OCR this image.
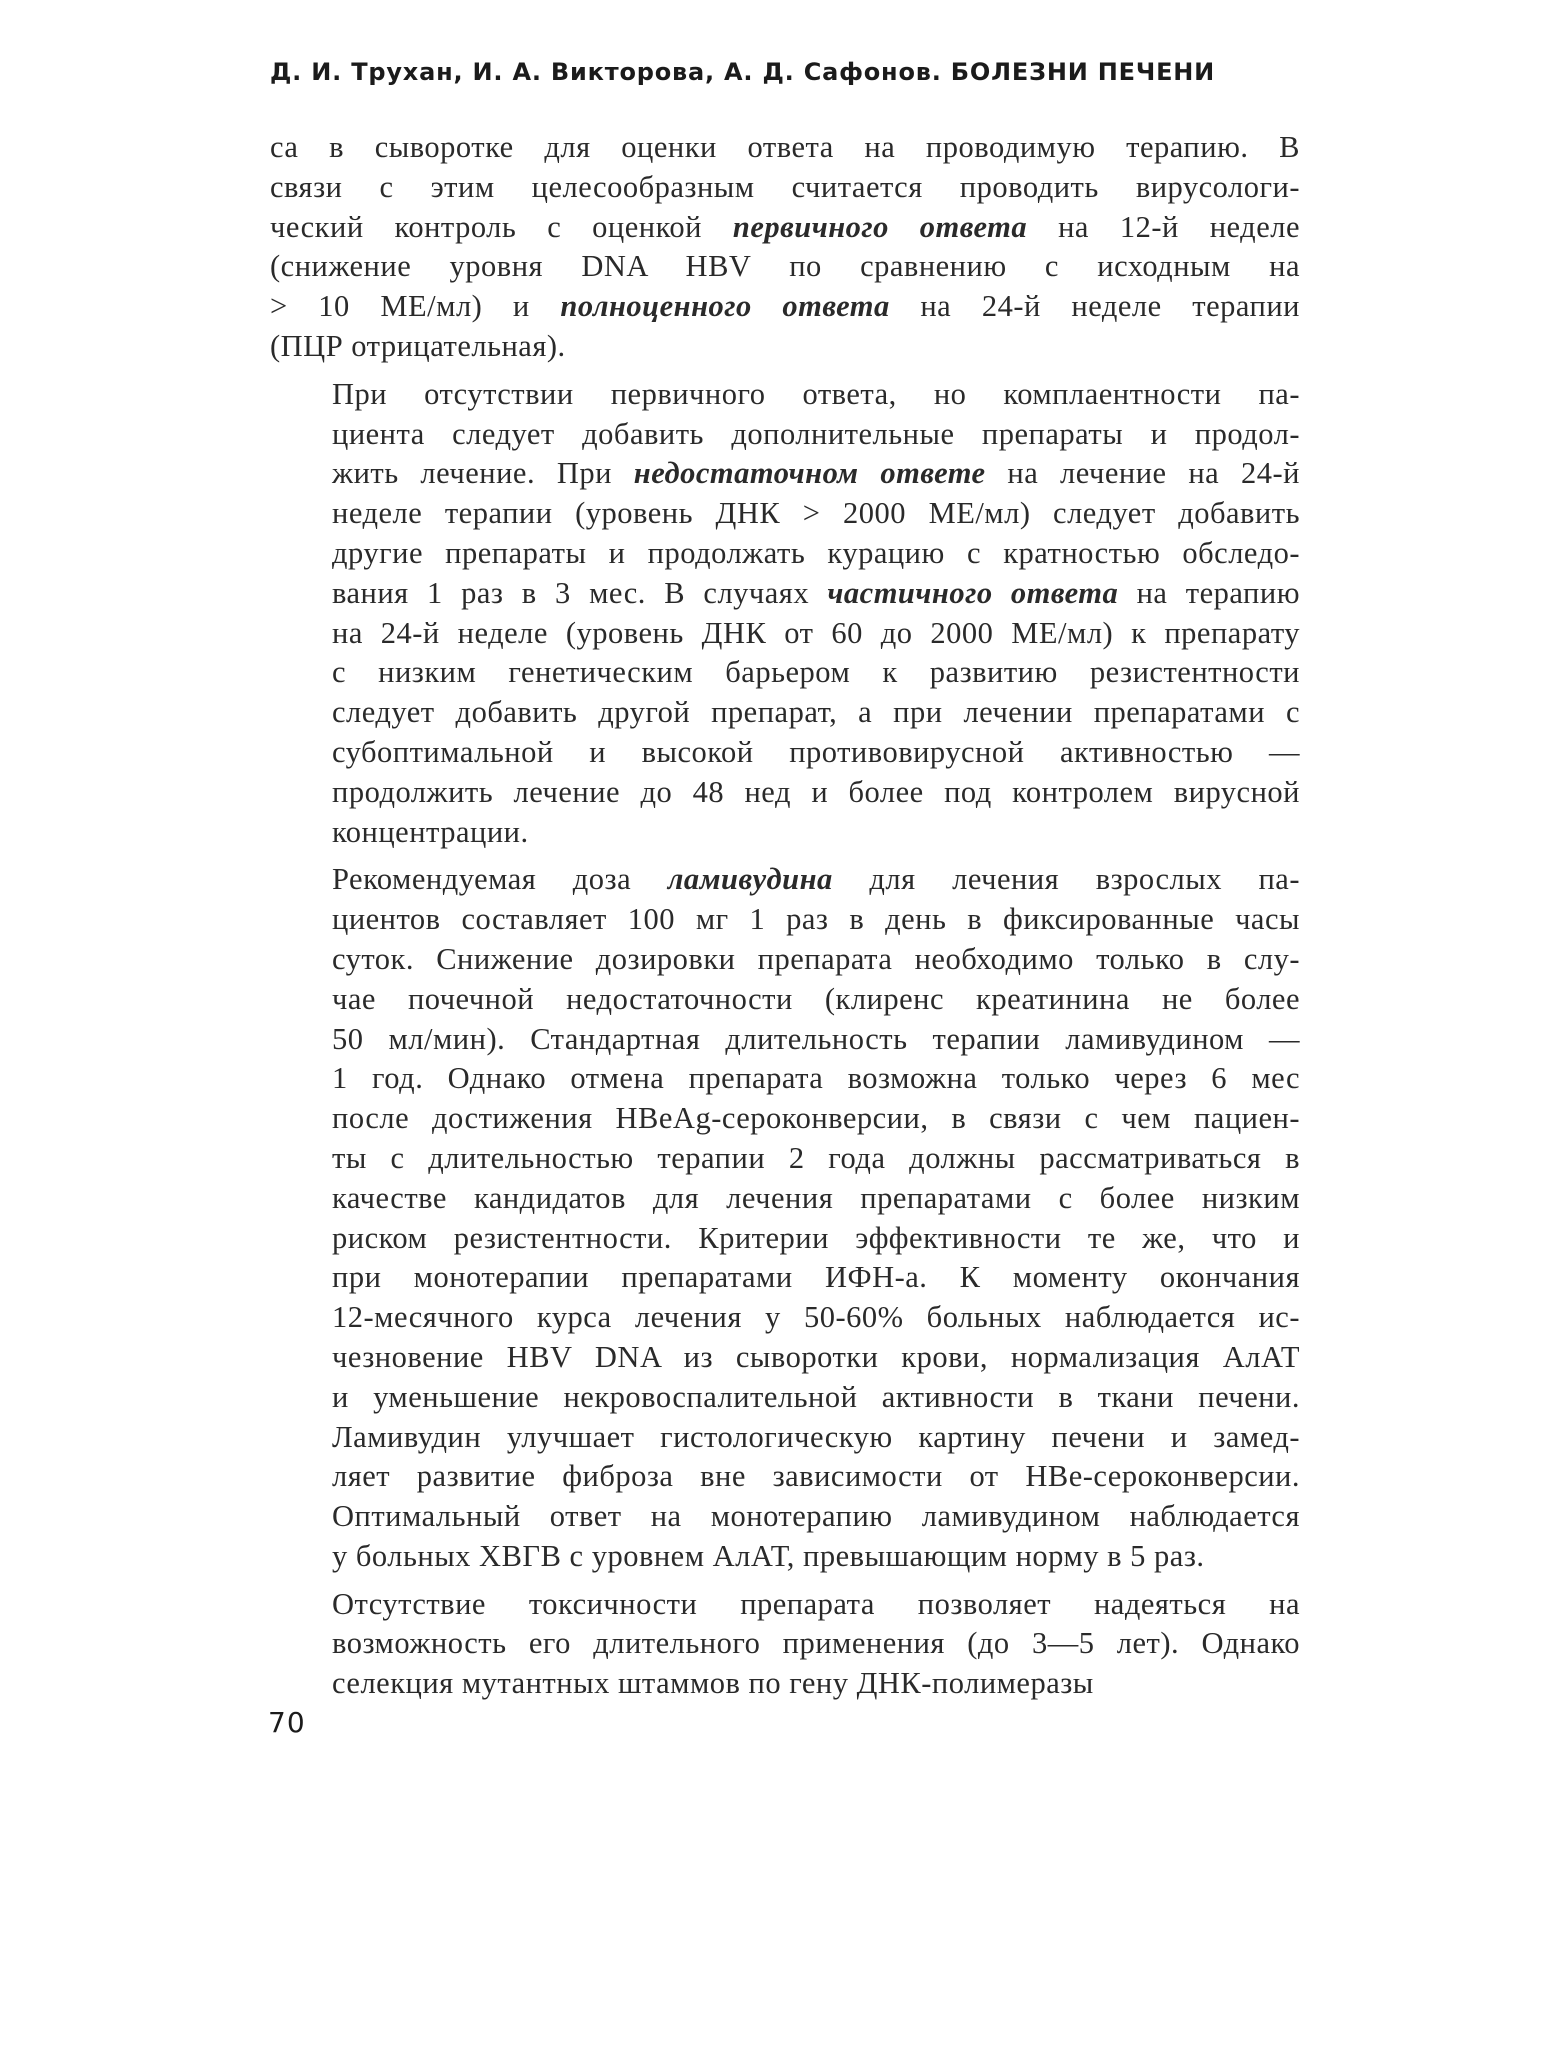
Д. И. Трухан, И. А. Викторова, А. Д. Сафонов. БОЛЕЗНИ ПЕЧЕНИ
са в сыворотке для оценки ответа на проводимую терапию. В
связи с этим целесообразным считается проводить вирусологи-
ческий контроль с оценкой первичного ответа на 12-й неделе
(снижение уровня DNA HBV по сравнению с исходным на
> 10 МЕ/мл) и полноценного ответа на 24-й неделе терапии
(ПЦР отрицательная).
При отсутствии первичного ответа, но комплаентности па-
циента следует добавить дополнительные препараты и продол-
жить лечение. При недостаточном ответе на лечение на 24-й
неделе терапии (уровень ДНК > 2000 МЕ/мл) следует добавить
другие препараты и продолжать курацию с кратностью обследо-
вания 1 раз в 3 мес. В случаях частичного ответа на терапию
на 24-й неделе (уровень ДНК от 60 до 2000 МЕ/мл) к препарату
с низким генетическим барьером к развитию резистентности
следует добавить другой препарат, а при лечении препаратами с
субоптимальной и высокой противовирусной активностью —
продолжить лечение до 48 нед и более под контролем вирусной
концентрации.
Рекомендуемая доза ламивудина для лечения взрослых па-
циентов составляет 100 мг 1 раз в день в фиксированные часы
суток. Снижение дозировки препарата необходимо только в слу-
чае почечной недостаточности (клиренс креатинина не более
50 мл/мин). Стандартная длительность терапии ламивудином —
1 год. Однако отмена препарата возможна только через 6 мес
после достижения HBeAg-сероконверсии, в связи с чем пациен-
ты с длительностью терапии 2 года должны рассматриваться в
качестве кандидатов для лечения препаратами с более низким
риском резистентности. Критерии эффективности те же, что и
при монотерапии препаратами ИФН-а. К моменту окончания
12-месячного курса лечения у 50-60% больных наблюдается ис-
чезновение HBV DNA из сыворотки крови, нормализация АлАТ
и уменьшение некровоспалительной активности в ткани печени.
Ламивудин улучшает гистологическую картину печени и замед-
ляет развитие фиброза вне зависимости от НВе-сероконверсии.
Оптимальный ответ на монотерапию ламивудином наблюдается
у больных ХВГВ с уровнем АлАТ, превышающим норму в 5 раз.
Отсутствие токсичности препарата позволяет надеяться на
возможность его длительного применения (до 3—5 лет). Однако
селекция мутантных штаммов по гену ДНК-полимеразы
70
